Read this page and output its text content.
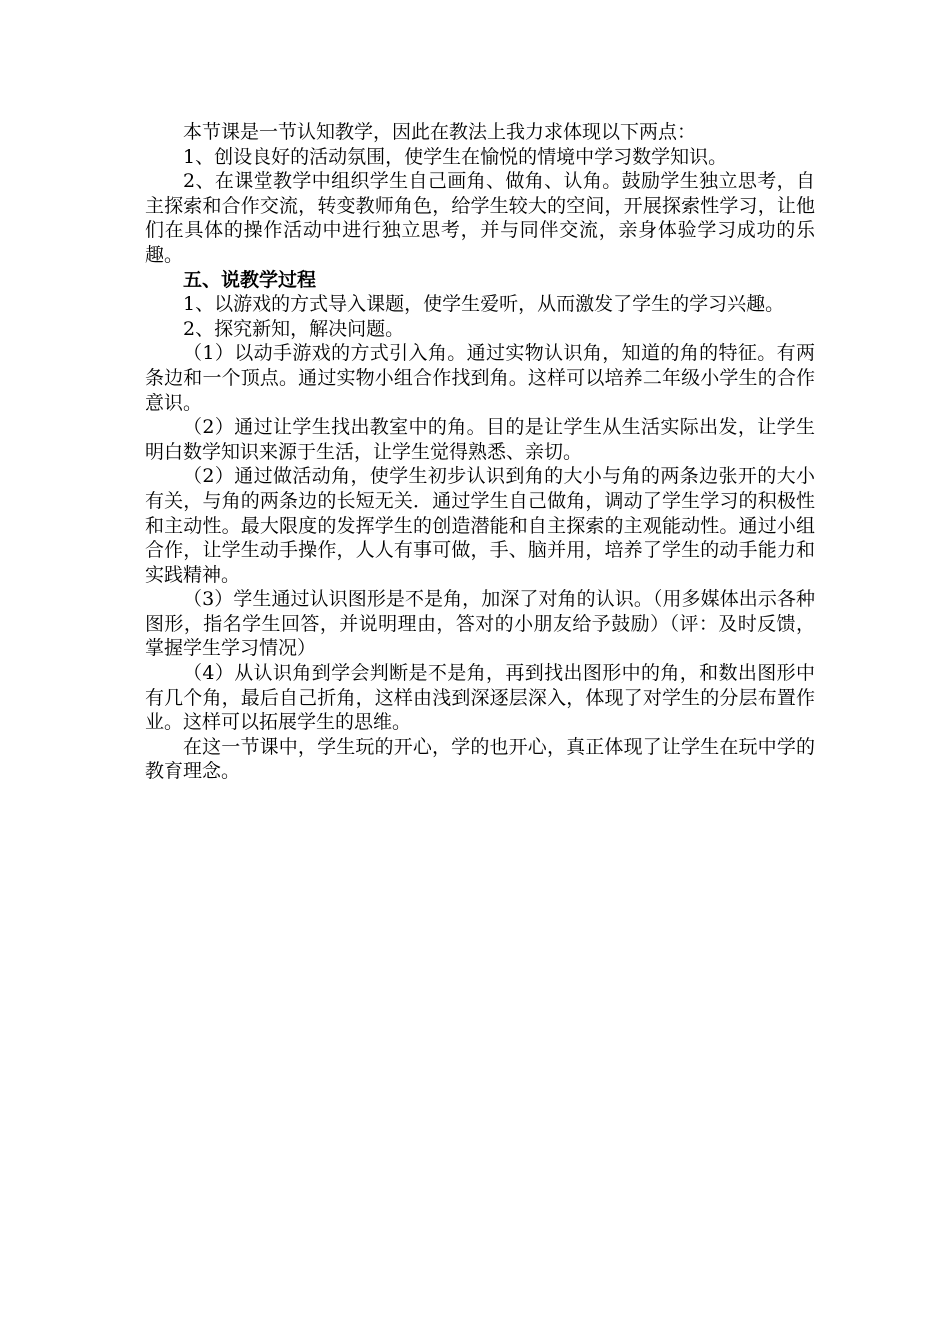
本节课是一节认知教学，因此在教法上我力求体现以下两点：

1、创设良好的活动氛围，使学生在愉悦的情境中学习数学知识。

2、在课堂教学中组织学生自己画角、做角、认角。鼓励学生独立思考，自主探索和合作交流，转变教师角色，给学生较大的空间，开展探索性学习，让他们在具体的操作活动中进行独立思考，并与同伴交流，亲身体验学习成功的乐趣。

五、说教学过程

1、以游戏的方式导入课题，使学生爱听，从而激发了学生的学习兴趣。

2、探究新知，解决问题。

（1）以动手游戏的方式引入角。通过实物认识角，知道的角的特征。有两条边和一个顶点。通过实物小组合作找到角。这样可以培养二年级小学生的合作意识。

（2）通过让学生找出教室中的角。目的是让学生从生活实际出发，让学生明白数学知识来源于生活，让学生觉得熟悉、亲切。

（2）通过做活动角，使学生初步认识到角的大小与角的两条边张开的大小有关，与角的两条边的长短无关．通过学生自己做角，调动了学生学习的积极性和主动性。最大限度的发挥学生的创造潜能和自主探索的主观能动性。通过小组合作，让学生动手操作，人人有事可做，手、脑并用，培养了学生的动手能力和实践精神。

（3）学生通过认识图形是不是角，加深了对角的认识。（用多媒体出示各种图形，指名学生回答，并说明理由，答对的小朋友给予鼓励）（评：及时反馈，掌握学生学习情况）

（4）从认识角到学会判断是不是角，再到找出图形中的角，和数出图形中有几个角，最后自己折角，这样由浅到深逐层深入，体现了对学生的分层布置作业。这样可以拓展学生的思维。

在这一节课中，学生玩的开心，学的也开心，真正体现了让学生在玩中学的教育理念。
